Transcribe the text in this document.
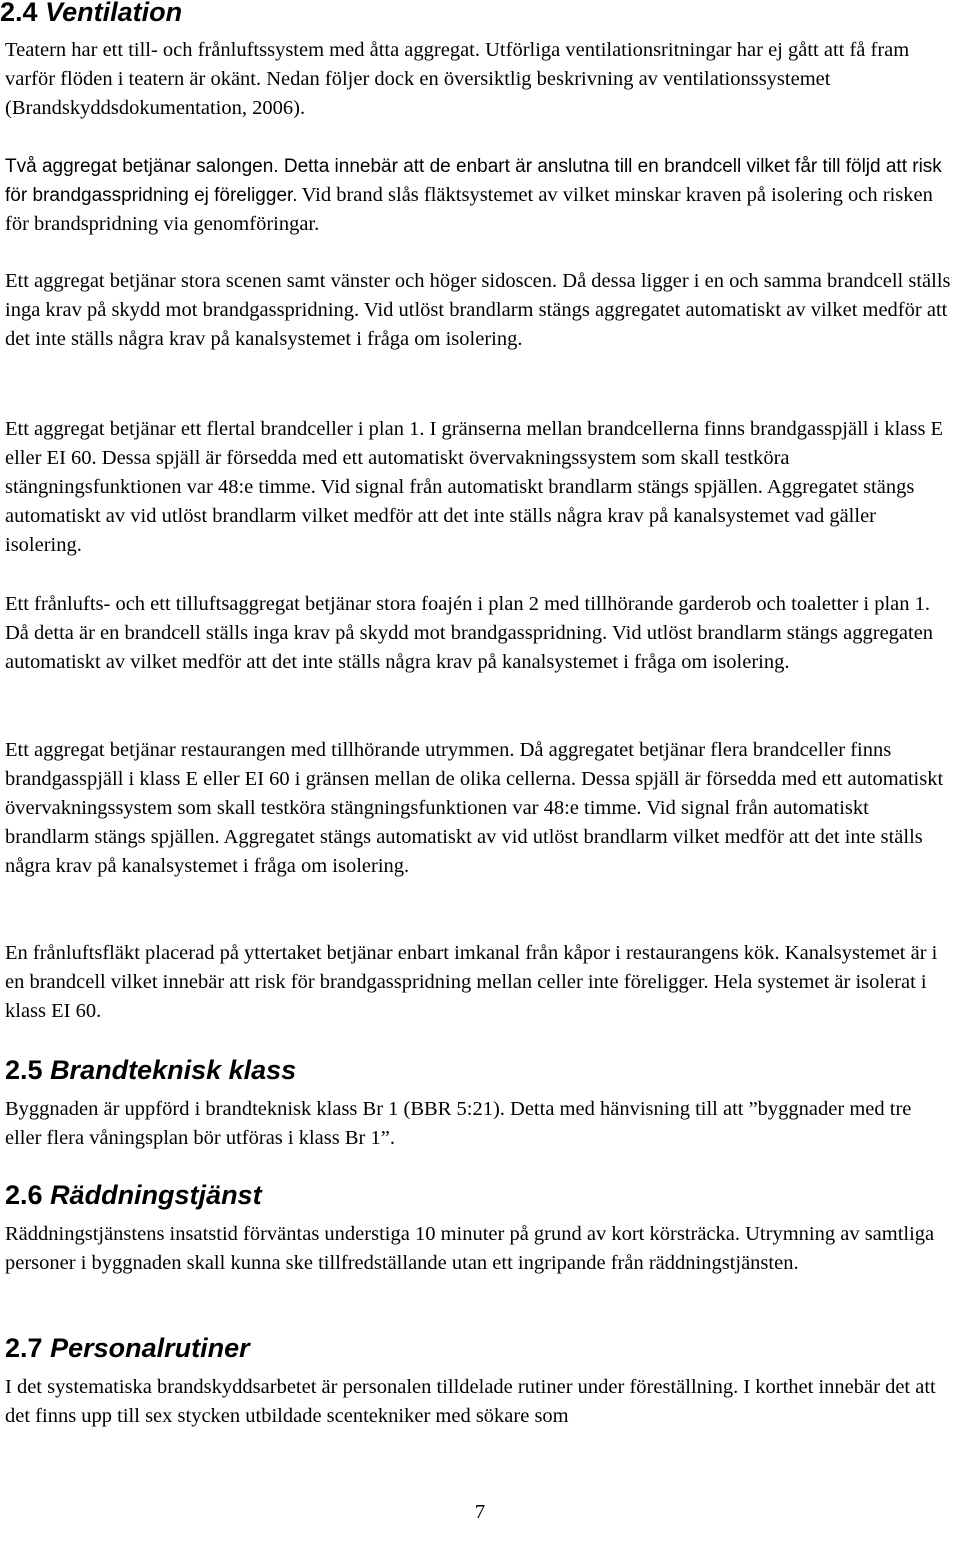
2.4 Ventilation

Teatern har ett till- och frånluftssystem med åtta aggregat. Utförliga ventilationsritningar har ej gått att få fram varför flöden i teatern är okänt. Nedan följer dock en översiktlig beskrivning av ventilationssystemet (Brandskyddsdokumentation, 2006).

Två aggregat betjänar salongen. Detta innebär att de enbart är anslutna till en brandcell vilket får till följd att risk för brandgasspridning ej föreligger.

Vid brand slås fläktsystemet av vilket minskar kraven på isolering och risken för brandspridning via genomföringar.

Ett aggregat betjänar stora scenen samt vänster och höger sidoscen. Då dessa ligger i en och samma brandcell ställs inga krav på skydd mot brandgasspridning. Vid utlöst brandlarm stängs aggregatet automatiskt av vilket medför att det inte ställs några krav på kanalsystemet i fråga om isolering.

Ett aggregat betjänar ett flertal brandceller i plan 1. I gränserna mellan brandcellerna finns brandgasspjäll i klass E eller EI 60. Dessa spjäll är försedda med ett automatiskt övervakningssystem som skall testköra stängningsfunktionen var 48:e timme. Vid signal från automatiskt brandlarm stängs spjällen. Aggregatet stängs automatiskt av vid utlöst brandlarm vilket medför att det inte ställs några krav på kanalsystemet vad gäller isolering.

Ett frånlufts- och ett tilluftsaggregat betjänar stora foajén i plan 2 med tillhörande garderob och toaletter i plan 1. Då detta är en brandcell ställs inga krav på skydd mot brandgasspridning. Vid utlöst brandlarm stängs aggregaten automatiskt av vilket medför att det inte ställs några krav på kanalsystemet i fråga om isolering.

Ett aggregat betjänar restaurangen med tillhörande utrymmen. Då aggregatet betjänar flera brandceller finns brandgasspjäll i klass E eller EI 60 i gränsen mellan de olika cellerna. Dessa spjäll är försedda med ett automatiskt övervakningssystem som skall testköra stängningsfunktionen var 48:e timme. Vid signal från automatiskt brandlarm stängs spjällen. Aggregatet stängs automatiskt av vid utlöst brandlarm vilket medför att det inte ställs några krav på kanalsystemet i fråga om isolering.

En frånluftsfläkt placerad på yttertaket betjänar enbart imkanal från kåpor i restaurangens kök. Kanalsystemet är i en brandcell vilket innebär att risk för brandgasspridning mellan celler inte föreligger. Hela systemet är isolerat i klass EI 60.

2.5 Brandteknisk klass

Byggnaden är uppförd i brandteknisk klass Br 1 (BBR 5:21). Detta med hänvisning till att ”byggnader med tre eller flera våningsplan bör utföras i klass Br 1”.

2.6 Räddningstjänst

Räddningstjänstens insatstid förväntas understiga 10 minuter på grund av kort körsträcka. Utrymning av samtliga personer i byggnaden skall kunna ske tillfredställande utan ett ingripande från räddningstjänsten.

2.7 Personalrutiner

I det systematiska brandskyddsarbetet är personalen tilldelade rutiner under föreställning. I korthet innebär det att det finns upp till sex stycken utbildade scentekniker med sökare som

7
